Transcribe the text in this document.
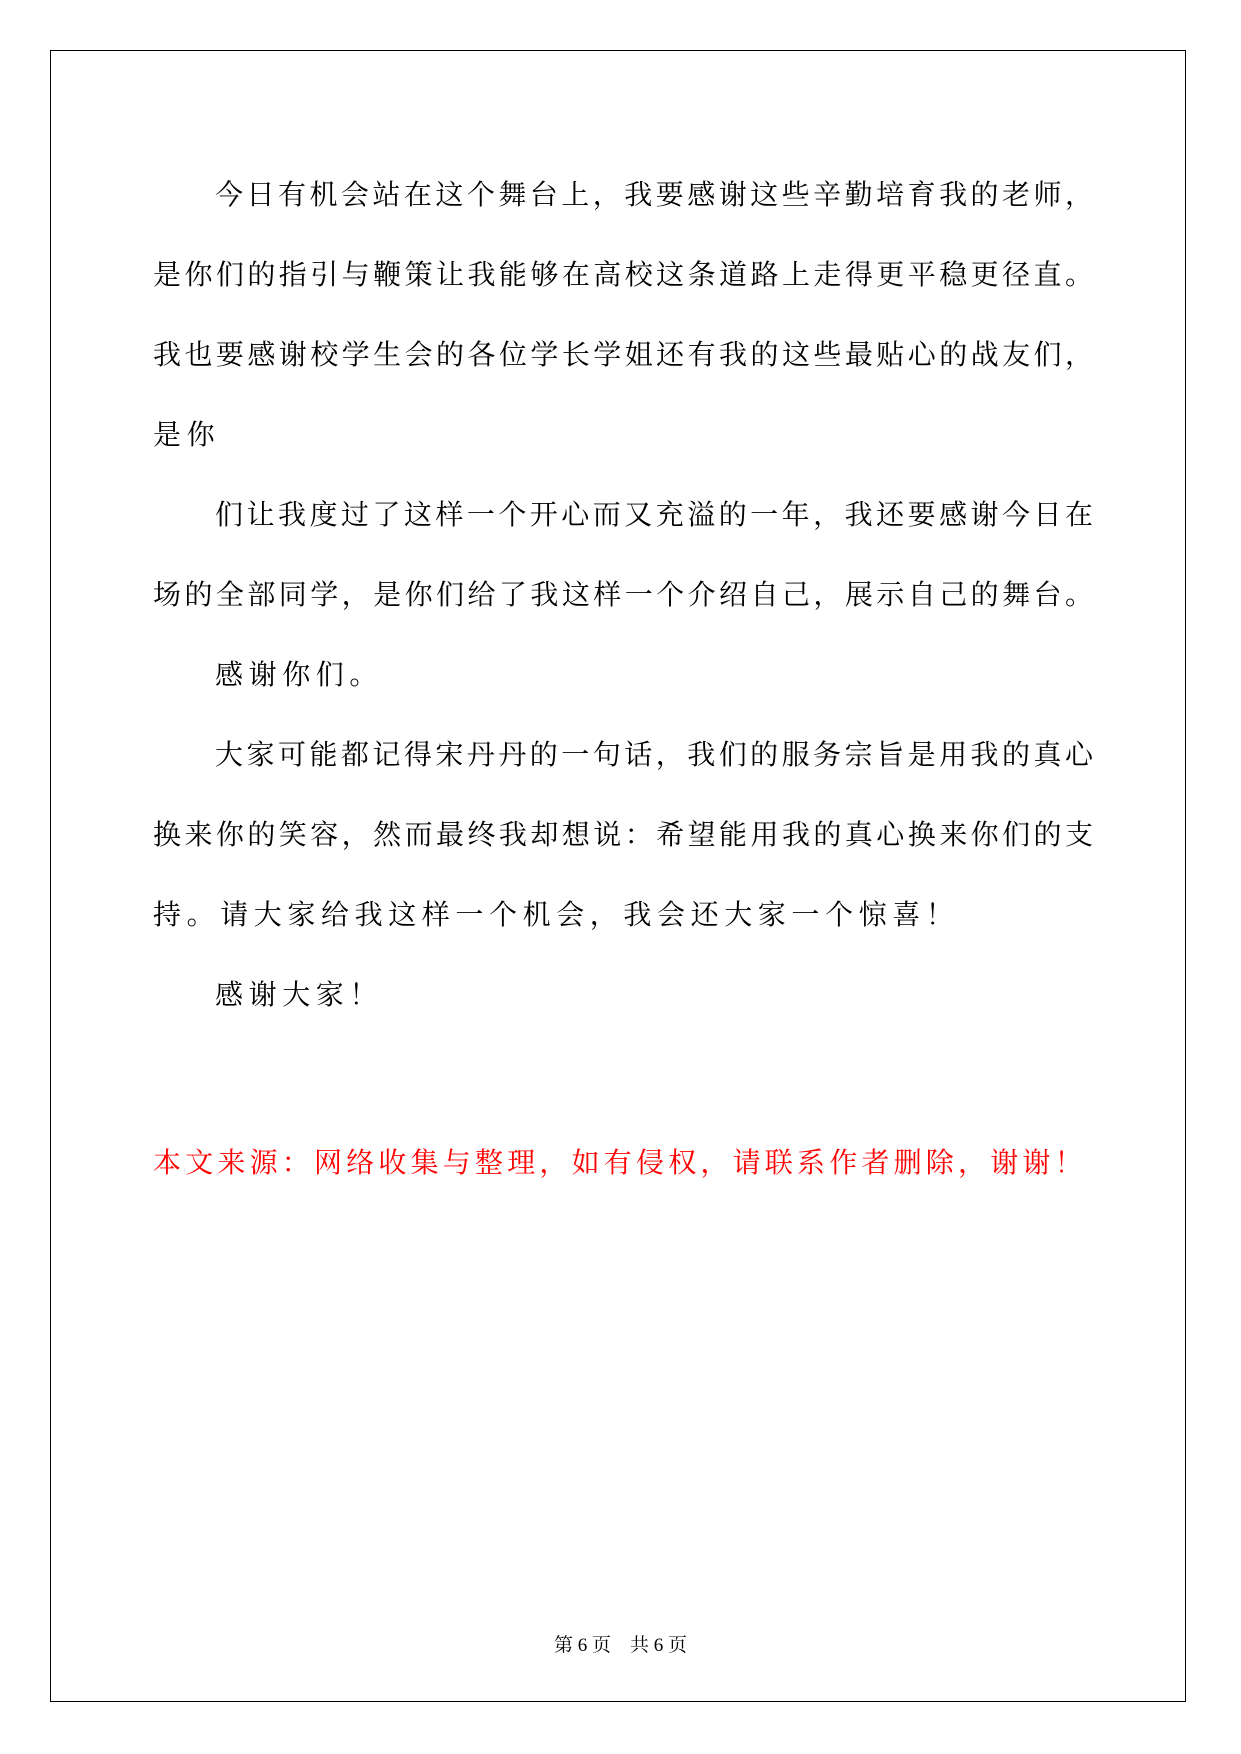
今日有机会站在这个舞台上，我要感谢这些辛勤培育我的老师，
是你们的指引与鞭策让我能够在高校这条道路上走得更平稳更径直。
我也要感谢校学生会的各位学长学姐还有我的这些最贴心的战友们，
是你
们让我度过了这样一个开心而又充溢的一年，我还要感谢今日在
场的全部同学，是你们给了我这样一个介绍自己，展示自己的舞台。
感谢你们。
大家可能都记得宋丹丹的一句话，我们的服务宗旨是用我的真心
换来你的笑容，然而最终我却想说：希望能用我的真心换来你们的支
持。请大家给我这样一个机会，我会还大家一个惊喜！
感谢大家！
本文来源：网络收集与整理，如有侵权，请联系作者删除，谢谢！
第 6 页　共 6 页
